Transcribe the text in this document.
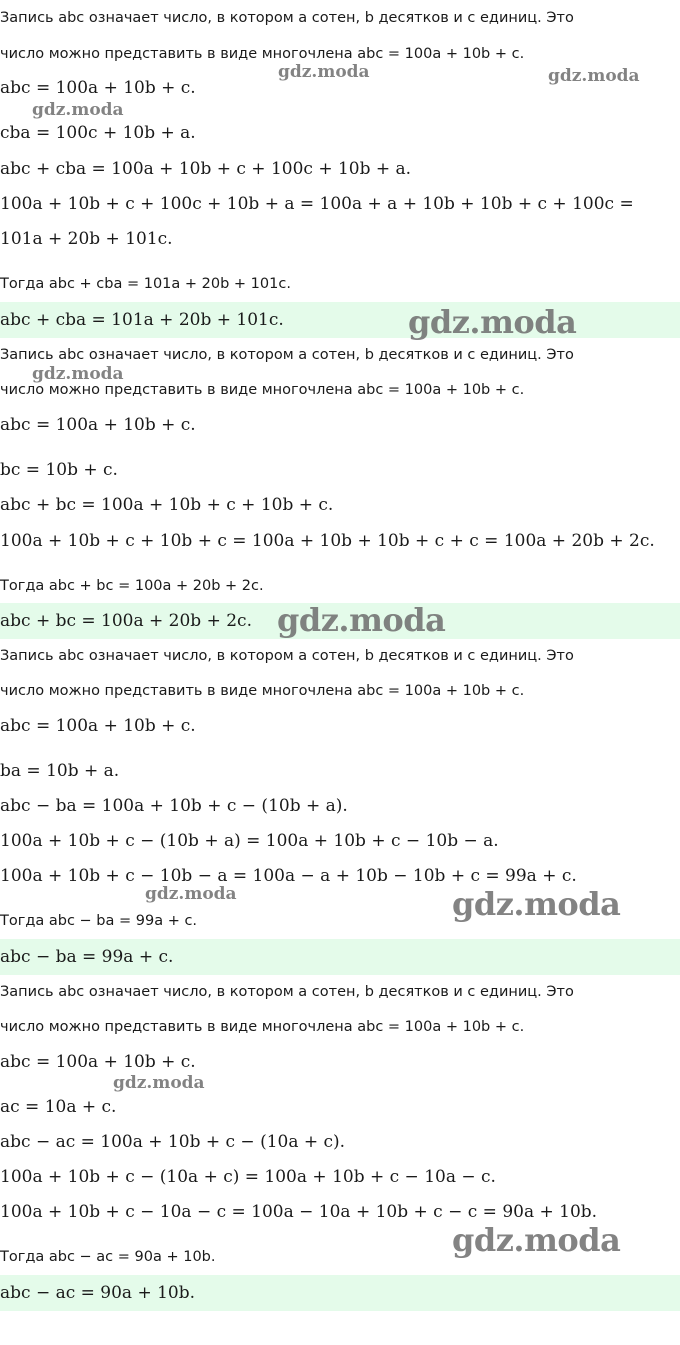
Запись abc означает число, в котором a сотен, b десятков и c единиц. Это
число можно представить в виде многочлена abc = 100a + 10b + c.
abc = 100a + 10b + c.
cba = 100c + 10b + a.
abc + cba = 100a + 10b + c + 100c + 10b + a.
100a + 10b + c + 100c + 10b + a = 100a + a + 10b + 10b + c + 100c =
101a + 20b + 101c.
Тогда abc + cba = 101a + 20b + 101c.
abc + cba = 101a + 20b + 101c.
Запись abc означает число, в котором a сотен, b десятков и c единиц. Это
число можно представить в виде многочлена abc = 100a + 10b + c.
abc = 100a + 10b + c.
bc = 10b + c.
abc + bc = 100a + 10b + c + 10b + c.
100a + 10b + c + 10b + c = 100a + 10b + 10b + c + c = 100a + 20b + 2c.
Тогда abc + bc = 100a + 20b + 2c.
abc + bc = 100a + 20b + 2c.
Запись abc означает число, в котором a сотен, b десятков и c единиц. Это
число можно представить в виде многочлена abc = 100a + 10b + c.
abc = 100a + 10b + c.
ba = 10b + a.
abc − ba = 100a + 10b + c − (10b + a).
100a + 10b + c − (10b + a) = 100a + 10b + c − 10b − a.
100a + 10b + c − 10b − a = 100a − a + 10b − 10b + c = 99a + c.
Тогда abc − ba = 99a + c.
abc − ba = 99a + c.
Запись abc означает число, в котором a сотен, b десятков и c единиц. Это
число можно представить в виде многочлена abc = 100a + 10b + c.
abc = 100a + 10b + c.
ac = 10a + c.
abc − ac = 100a + 10b + c − (10a + c).
100a + 10b + c − (10a + c) = 100a + 10b + c − 10a − c.
100a + 10b + c − 10a − c = 100a − 10a + 10b + c − c = 90a + 10b.
Тогда abc − ac = 90a + 10b.
abc − ac = 90a + 10b.
gdz.moda	gdz.moda
gdz.moda
gdz.moda
gdz.moda
gdz.moda
gdz.moda	gdz.moda
gdz.moda
gdz.moda
